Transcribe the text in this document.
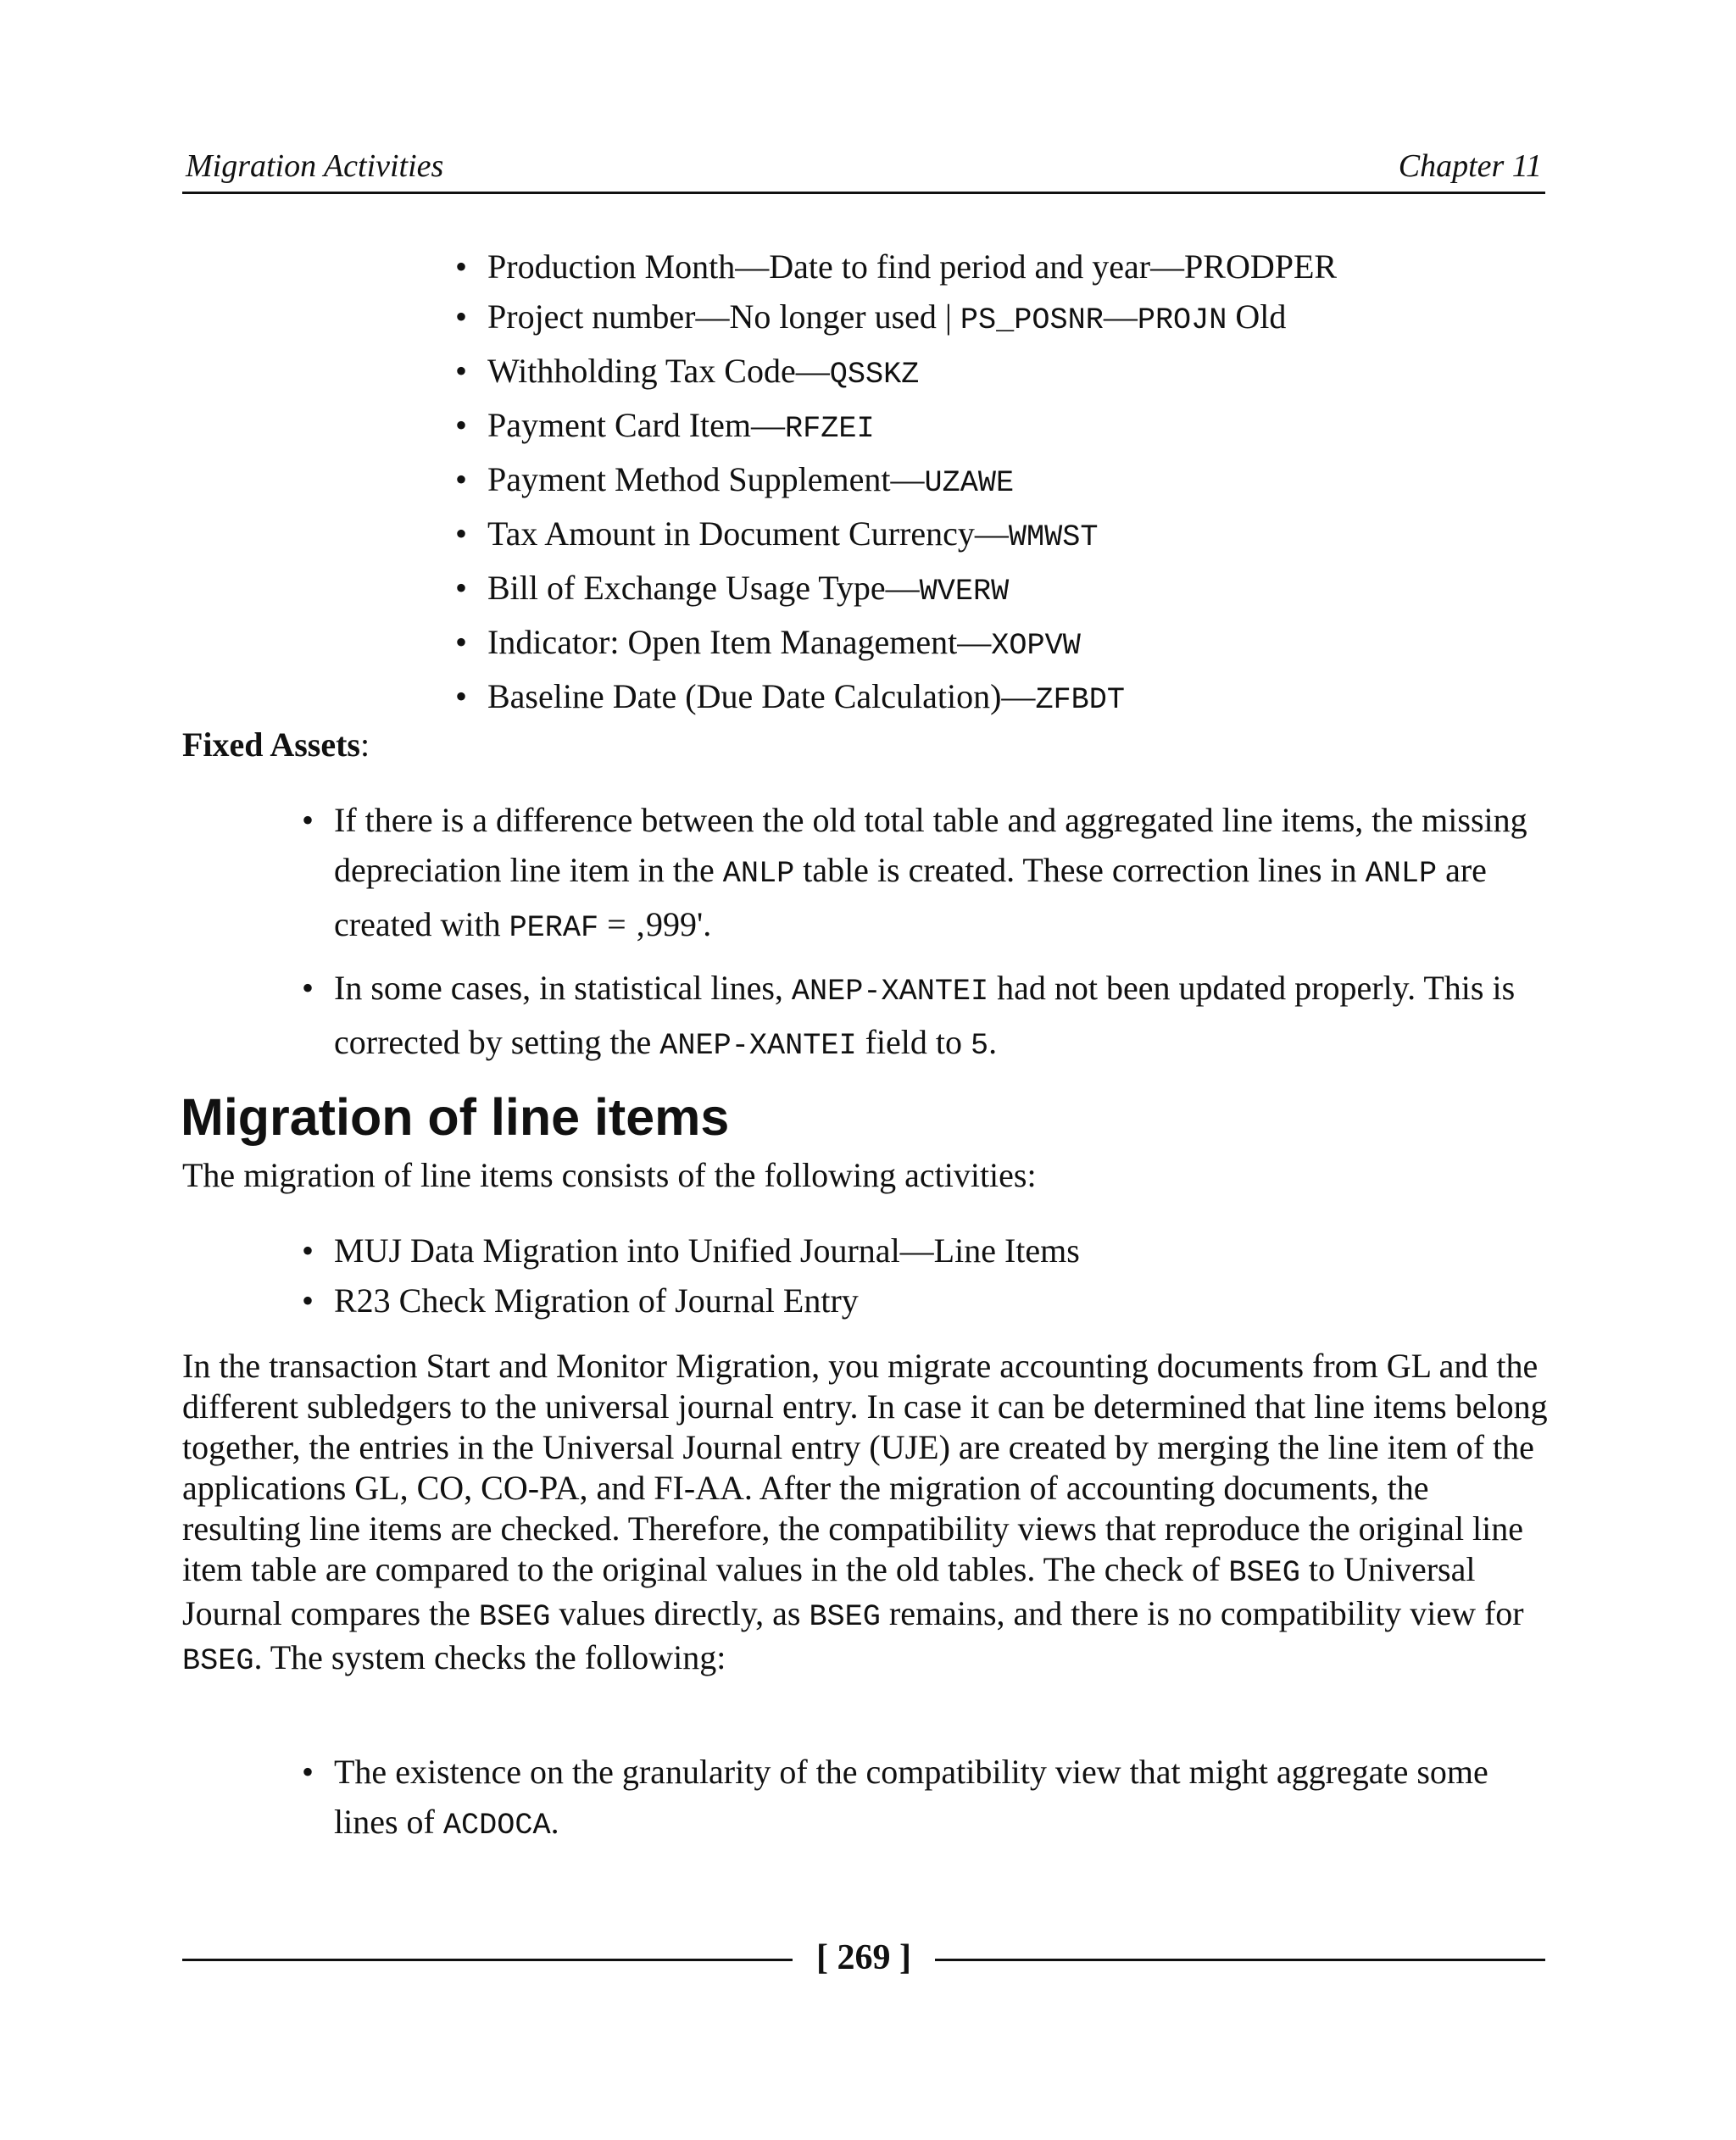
Migration Activities	Chapter 11
• Production Month—Date to find period and year—PRODPER
• Project number—No longer used | PS_POSNR—PROJN Old
• Withholding Tax Code—QSSKZ
• Payment Card Item—RFZEI
• Payment Method Supplement—UZAWE
• Tax Amount in Document Currency—WMWST
• Bill of Exchange Usage Type—WVERW
• Indicator: Open Item Management—XOPVW
• Baseline Date (Due Date Calculation)—ZFBDT
Fixed Assets:
• If there is a difference between the old total table and aggregated line items, the missing depreciation line item in the ANLP table is created. These correction lines in ANLP are created with PERAF = ‚999'.
• In some cases, in statistical lines, ANEP-XANTEI had not been updated properly. This is corrected by setting the ANEP-XANTEI field to 5.
Migration of line items

The migration of line items consists of the following activities:

• MUJ Data Migration into Unified Journal—Line Items
• R23 Check Migration of Journal Entry

In the transaction Start and Monitor Migration, you migrate accounting documents from GL and the different subledgers to the universal journal entry. In case it can be determined that line items belong together, the entries in the Universal Journal entry (UJE) are created by merging the line item of the applications GL, CO, CO-PA, and FI-AA. After the migration of accounting documents, the resulting line items are checked. Therefore, the compatibility views that reproduce the original line item table are compared to the original values in the old tables. The check of BSEG to Universal Journal compares the BSEG values directly, as BSEG remains, and there is no compatibility view for BSEG. The system checks the following:

• The existence on the granularity of the compatibility view that might aggregate some lines of ACDOCA.
[ 269 ]
